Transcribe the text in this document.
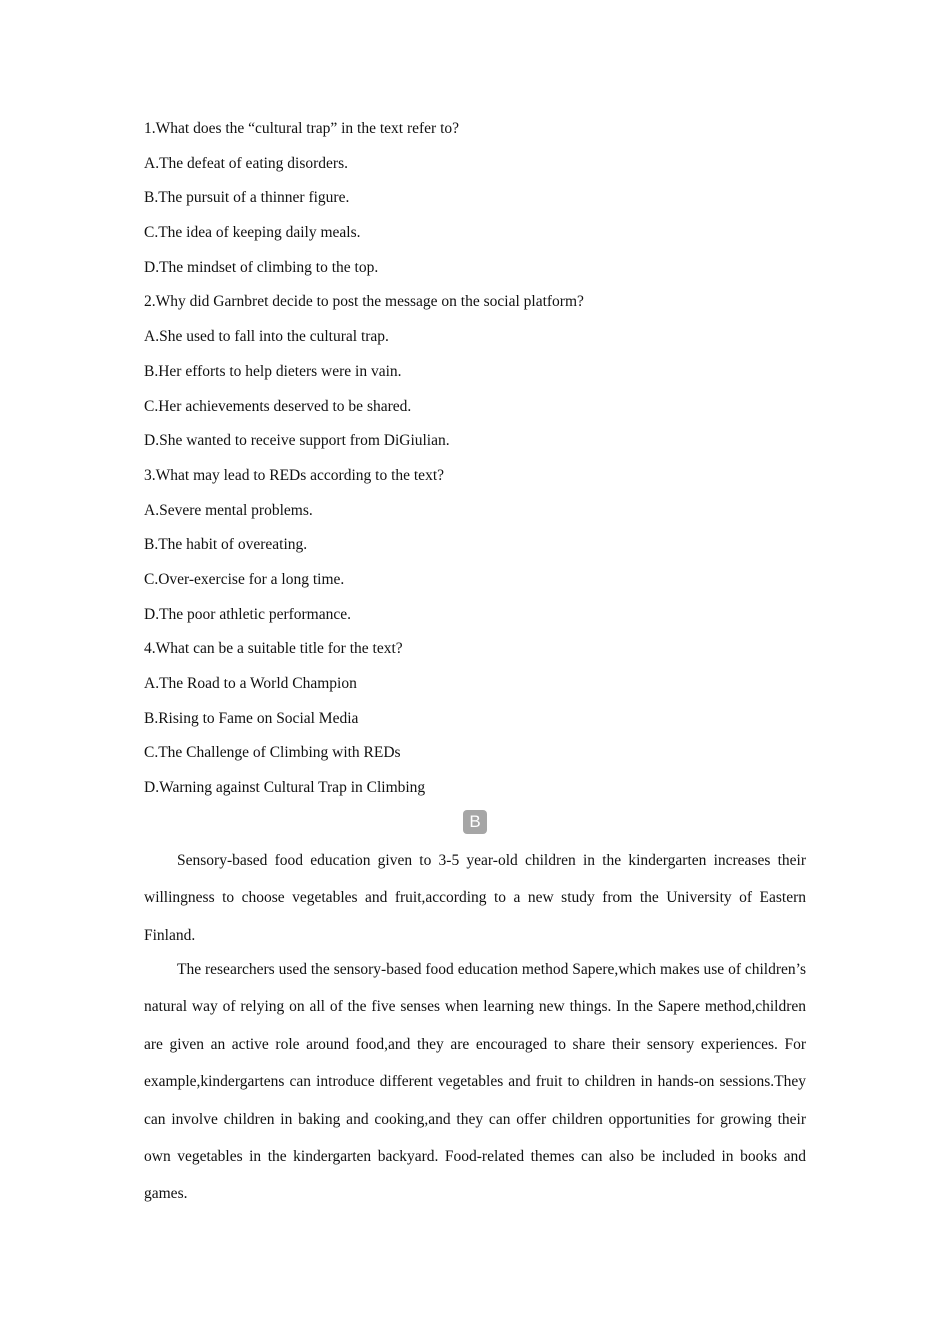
1.What does the “cultural trap” in the text refer to?

A.The defeat of eating disorders.

B.The pursuit of a thinner figure.

C.The idea of keeping daily meals.

D.The mindset of climbing to the top.

2.Why did Garnbret decide to post the message on the social platform?

A.She used to fall into the cultural trap.

B.Her efforts to help dieters were in vain.

C.Her achievements deserved to be shared.

D.She wanted to receive support from DiGiulian.

3.What may lead to REDs according to the text?

A.Severe mental problems.

B.The habit of overeating.

C.Over-exercise for a long time.

D.The poor athletic performance.

4.What can be a suitable title for the text?

A.The Road to a World Champion

B.Rising to Fame on Social Media

C.The Challenge of Climbing with REDs

D.Warning against Cultural Trap in Climbing

B

Sensory-based food education given to 3-5 year-old children in the kindergarten increases their willingness to choose vegetables and fruit,according to a new study from the University of Eastern Finland.

The researchers used the sensory-based food education method Sapere,which makes use of children’s natural way of relying on all of the five senses when learning new things. In the Sapere method,children are given an active role around food,and they are encouraged to share their sensory experiences. For example,kindergartens can introduce different vegetables and fruit to children in hands-on sessions.They can involve children in baking and cooking,and they can offer children opportunities for growing their own vegetables in the kindergarten backyard. Food-related themes can also be included in books and games.
